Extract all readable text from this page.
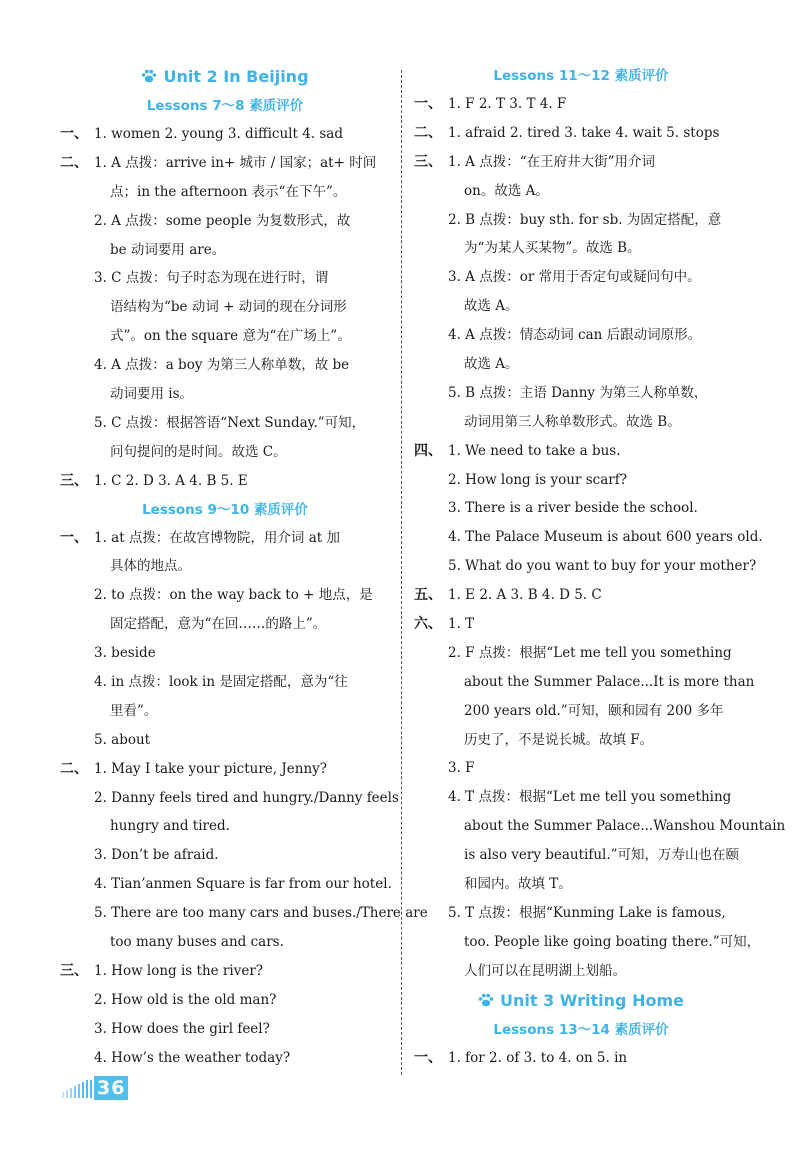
Unit 2 In Beijing
Lessons 7～8 素质评价
一、 1. women 2. young 3. difficult 4. sad
二、 1. A 点拨：arrive in+ 城市 / 国家；at+ 时间
点；in the afternoon 表示“在下午”。
2. A 点拨：some people 为复数形式，故
be 动词要用 are。
3. C 点拨：句子时态为现在进行时，谓
语结构为“be 动词 + 动词的现在分词形
式”。on the square 意为“在广场上”。
4. A 点拨：a boy 为第三人称单数，故 be
动词要用 is。
5. C 点拨：根据答语“Next Sunday.”可知，
问句提问的是时间。故选 C。
三、 1. C 2. D 3. A 4. B 5. E
Lessons 9～10 素质评价
一、 1. at 点拨：在故宫博物院，用介词 at 加
具体的地点。
2. to 点拨：on the way back to + 地点，是
固定搭配，意为“在回……的路上”。
3. beside
4. in 点拨：look in 是固定搭配，意为“往
里看”。
5. about
二、 1. May I take your picture, Jenny?
2. Danny feels tired and hungry./Danny feels
hungry and tired.
3. Don’t be afraid.
4. Tian’anmen Square is far from our hotel.
5. There are too many cars and buses./There are
too many buses and cars.
三、 1. How long is the river?
2. How old is the old man?
3. How does the girl feel?
4. How’s the weather today?
Lessons 11～12 素质评价
一、 1. F 2. T 3. T 4. F
二、 1. afraid 2. tired 3. take 4. wait 5. stops
三、 1. A 点拨：“在王府井大街”用介词
on。故选 A。
2. B 点拨：buy sth. for sb. 为固定搭配，意
为“为某人买某物”。故选 B。
3. A 点拨：or 常用于否定句或疑问句中。
故选 A。
4. A 点拨：情态动词 can 后跟动词原形。
故选 A。
5. B 点拨：主语 Danny 为第三人称单数，
动词用第三人称单数形式。故选 B。
四、 1. We need to take a bus.
2. How long is your scarf?
3. There is a river beside the school.
4. The Palace Museum is about 600 years old.
5. What do you want to buy for your mother?
五、 1. E 2. A 3. B 4. D 5. C
六、 1. T
2. F 点拨：根据“Let me tell you something
about the Summer Palace...It is more than
200 years old.”可知，颐和园有 200 多年
历史了，不是说长城。故填 F。
3. F
4. T 点拨：根据“Let me tell you something
about the Summer Palace...Wanshou Mountain
is also very beautiful.”可知，万寿山也在颐
和园内。故填 T。
5. T 点拨：根据“Kunming Lake is famous,
too. People like going boating there.”可知，
人们可以在昆明湖上划船。
Unit 3 Writing Home
Lessons 13～14 素质评价
一、 1. for 2. of 3. to 4. on 5. in
36
